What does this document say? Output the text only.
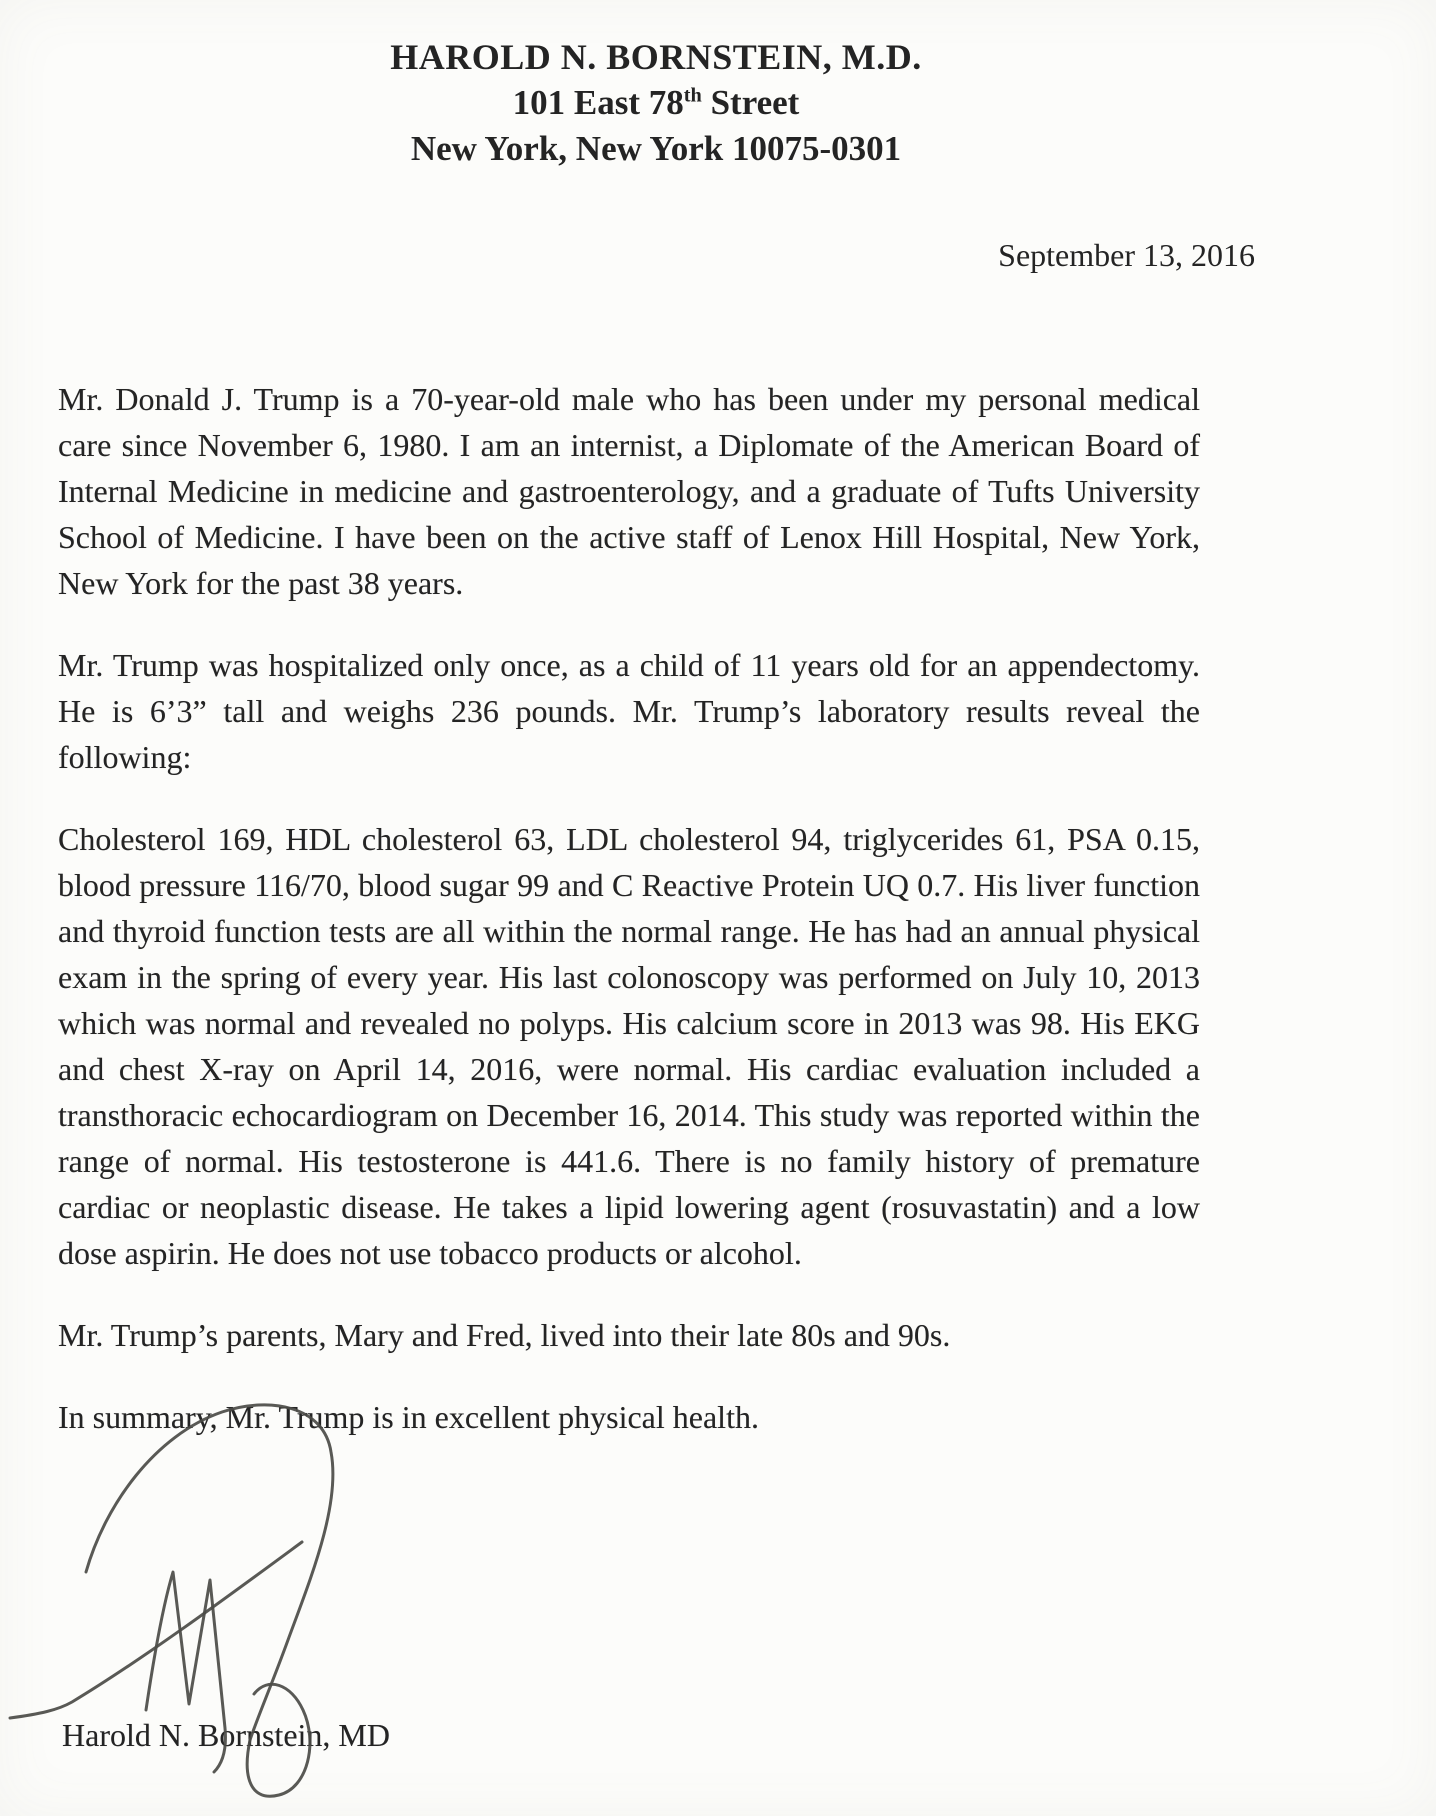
HAROLD N. BORNSTEIN, M.D.
101 East 78th Street
New York, New York 10075-0301
September 13, 2016

Mr. Donald J. Trump is a 70-year-old male who has been under my personal medical care since November 6, 1980. I am an internist, a Diplomate of the American Board of Internal Medicine in medicine and gastroenterology, and a graduate of Tufts University School of Medicine. I have been on the active staff of Lenox Hill Hospital, New York, New York for the past 38 years.

Mr. Trump was hospitalized only once, as a child of 11 years old for an appendectomy. He is 6’3” tall and weighs 236 pounds. Mr. Trump’s laboratory results reveal the following:

Cholesterol 169, HDL cholesterol 63, LDL cholesterol 94, triglycerides 61, PSA 0.15, blood pressure 116/70, blood sugar 99 and C Reactive Protein UQ 0.7. His liver function and thyroid function tests are all within the normal range. He has had an annual physical exam in the spring of every year. His last colonoscopy was performed on July 10, 2013 which was normal and revealed no polyps. His calcium score in 2013 was 98. His EKG and chest X-ray on April 14, 2016, were normal. His cardiac evaluation included a transthoracic echocardiogram on December 16, 2014. This study was reported within the range of normal. His testosterone is 441.6. There is no family history of premature cardiac or neoplastic disease. He takes a lipid lowering agent (rosuvastatin) and a low dose aspirin. He does not use tobacco products or alcohol.

Mr. Trump’s parents, Mary and Fred, lived into their late 80s and 90s.

In summary, Mr. Trump is in excellent physical health.

Harold N. Bornstein, MD
